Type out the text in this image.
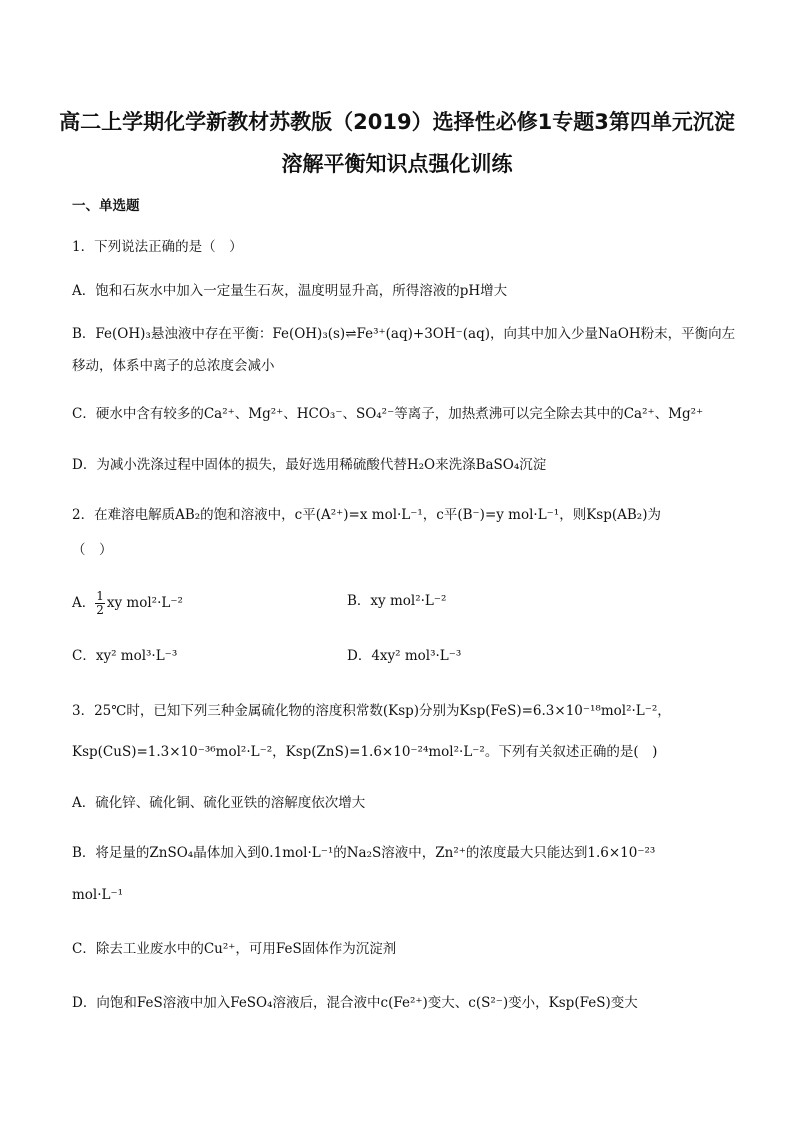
高二上学期化学新教材苏教版（2019）选择性必修1专题3第四单元沉淀
溶解平衡知识点强化训练
一、单选题
1．下列说法正确的是（　）
A．饱和石灰水中加入一定量生石灰，温度明显升高，所得溶液的pH增大
B．Fe(OH)₃悬浊液中存在平衡：Fe(OH)₃(s)⇌Fe³⁺(aq)+3OH⁻(aq)，向其中加入少量NaOH粉末，平衡向左
移动，体系中离子的总浓度会减小
C．硬水中含有较多的Ca²⁺、Mg²⁺、HCO₃⁻、SO₄²⁻等离子，加热煮沸可以完全除去其中的Ca²⁺、Mg²⁺
D．为减小洗涤过程中固体的损失，最好选用稀硫酸代替H₂O来洗涤BaSO₄沉淀
2．在难溶电解质AB₂的饱和溶液中，c平(A²⁺)=x mol·L⁻¹，c平(B⁻)=y mol·L⁻¹，则Ksp(AB₂)为
（　）
A． $\frac{1}{2}$ xy mol²·L⁻²	B．xy mol²·L⁻²
C．xy² mol³·L⁻³	D．4xy² mol³·L⁻³
3．25℃时，已知下列三种金属硫化物的溶度积常数(Ksp)分别为Ksp(FeS)=6.3×10⁻¹⁸mol²·L⁻²，
Ksp(CuS)=1.3×10⁻³⁶mol²·L⁻²，Ksp(ZnS)=1.6×10⁻²⁴mol²·L⁻²。下列有关叙述正确的是(　)
A．硫化锌、硫化铜、硫化亚铁的溶解度依次增大
B．将足量的ZnSO₄晶体加入到0.1mol·L⁻¹的Na₂S溶液中，Zn²⁺的浓度最大只能达到1.6×10⁻²³
mol·L⁻¹
C．除去工业废水中的Cu²⁺，可用FeS固体作为沉淀剂
D．向饱和FeS溶液中加入FeSO₄溶液后，混合液中c(Fe²⁺)变大、c(S²⁻)变小，Ksp(FeS)变大
